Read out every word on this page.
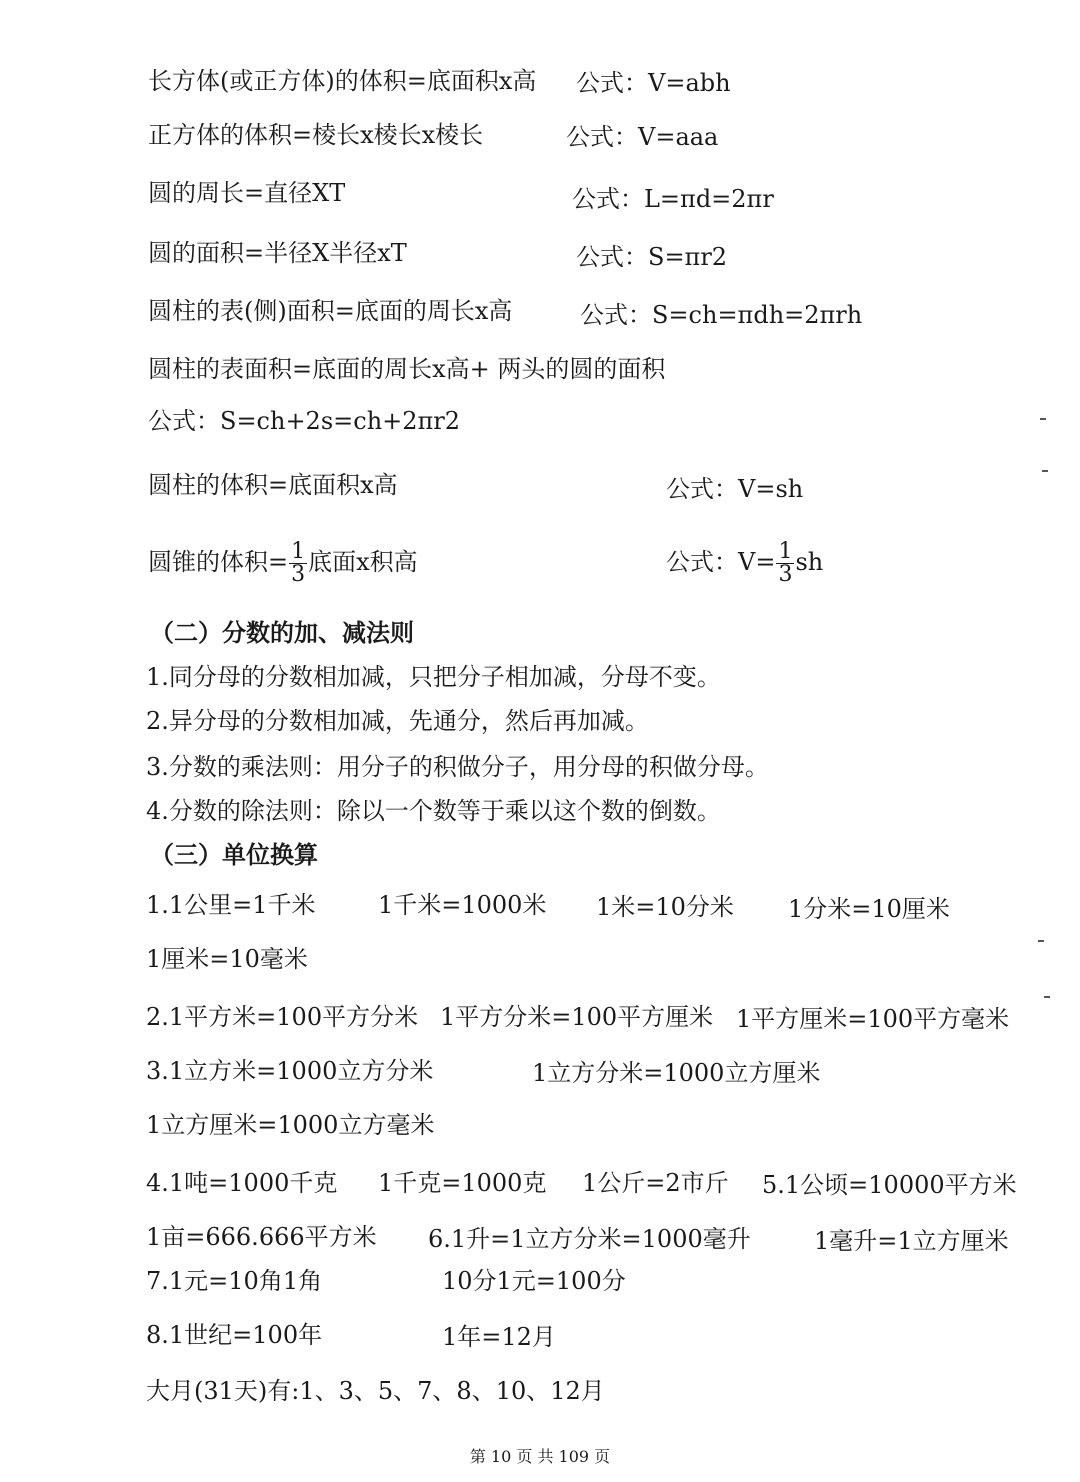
长方体(或正方体)的体积=底面积x高 公式：V=abh
正方体的体积=棱长x棱长x棱长	公式：V=aaa
圆的周长=直径XT	公式：L=πd=2πr
圆的面积=半径X半径xT	公式：S=πr2
圆柱的表(侧)面积=底面的周长x高	公式：S=ch=πdh=2πrh
圆柱的表面积=底面的周长x高+ 两头的圆的面积
公式：S=ch+2s=ch+2πr2
圆柱的体积=底面积x高	公式：V=sh
圆锥的体积= $\frac{1}{3}$ 底面x积高	公式：$V= \frac{1}{3}$ sh
（二）分数的加、减法则
1.同分母的分数相加减，只把分子相加减，分母不变。
2.异分母的分数相加减，先通分，然后再加减。
3.分数的乘法则：用分子的积做分子，用分母的积做分母。
4.分数的除法则：除以一个数等于乘以这个数的倒数。
（三）单位换算
1.1公里=1千米	1千米=1000米 1米=10分米 1分米=10厘米
1厘米=10毫米
2.1平方米=100平方分米 1平方分米=100平方厘米 1平方厘米=100平方毫米
3.1立方米=1000立方分米	1立方分米=1000立方厘米
1立方厘米=1000立方毫米
4.1吨=1000千克 1千克=1000克 1公斤=2市斤 5.1公顷=10000平方米
1亩=666.666平方米 6.1升=1立方分米=1000毫升	1毫升=1立方厘米
7.1元=10角1角	10分1元=100分
8.1世纪=100年	1年=12月
大月(31天)有:1、3、5、7、8、10、12月
第 10 页 共 109 页
